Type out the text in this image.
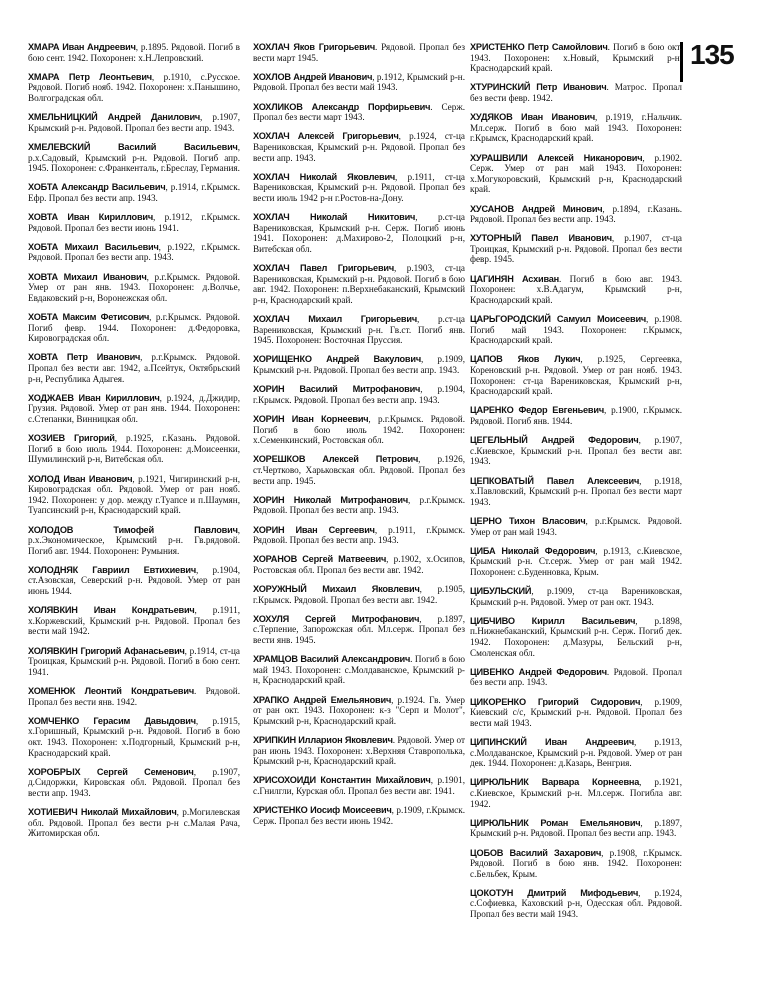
135

ХМАРА Иван Андреевич, р.1895. Рядовой. Погиб в бою сент. 1942. Похоронен: х.Н.Лепровский.

ХМАРА Петр Леонтьевич, р.1910, с.Русское. Рядовой. Погиб нояб. 1942. Похоронен: х.Панышино, Волгоградская обл.

ХМЕЛЬНИЦКИЙ Андрей Данилович, р.1907, Крымский р-н. Рядовой. Пропал без вести апр. 1943.

ХМЕЛЕВСКИЙ Василий Васильевич, р.х.Садовый, Крымский р-н. Рядовой. Погиб апр. 1945. Похоронен: с.Франкенталь, г.Бреслау, Германия.

ХОБТА Александр Васильевич, р.1914, г.Крымск. Ефр. Пропал без вести апр. 1943.

ХОВТА Иван Кириллович, р.1912, г.Крымск. Рядовой. Пропал без вести июнь 1941.

ХОБТА Михаил Васильевич, р.1922, г.Крымск. Рядовой. Пропал без вести апр. 1943.

ХОВТА Михаил Иванович, р.г.Крымск. Рядовой. Умер от ран янв. 1943. Похоронен: д.Волчье, Евдаковский р-н, Воронежская обл.

ХОБТА Максим Фетисович, р.г.Крымск. Рядовой. Погиб февр. 1944. Похоронен: д.Федоровка, Кировоградская обл.

ХОВТА Петр Иванович, р.г.Крымск. Рядовой. Пропал без вести авг. 1942, а.Псейтук, Октябрьский р-н, Республика Адыгея.

ХОДЖАЕВ Иван Кириллович, р.1924, д.Джидир, Грузия. Рядовой. Умер от ран янв. 1944. Похоронен: с.Степанки, Винницкая обл.

ХОЗИЕВ Григорий, р.1925, г.Казань. Рядовой. Погиб в бою июль 1944. Похоронен: д.Моисеенки, Шумилинский р-н, Витебская обл.

ХОЛОД Иван Иванович, р.1921, Чигиринский р-н, Кировоградская обл. Рядовой. Умер от ран нояб. 1942. Похоронен: у дор. между г.Туапсе и п.Шаумян, Туапсинский р-н, Краснодарский край.

ХОЛОДОВ Тимофей Павлович, р.х.Экономическое, Крымский р-н. Гв.рядовой. Погиб авг. 1944. Похоронен: Румыния.

ХОЛОДНЯК Гавриил Евтихиевич, р.1904, ст.Азовская, Северский р-н. Рядовой. Умер от ран июнь 1944.

ХОЛЯВКИН Иван Кондратьевич, р.1911, х.Коржевский, Крымский р-н. Рядовой. Пропал без вести май 1942.

ХОЛЯВКИН Григорий Афанасьевич, р.1914, ст-ца Троицкая, Крымский р-н. Рядовой. Погиб в бою сент. 1941.

ХОМЕНЮК Леонтий Кондратьевич. Рядовой. Пропал без вести янв. 1942.

ХОМЧЕНКО Герасим Давыдович, р.1915, х.Горишный, Крымский р-н. Рядовой. Погиб в бою окт. 1943. Похоронен: х.Подгорный, Крымский р-н, Краснодарский край.

ХОРОБРЫХ Сергей Семенович, р.1907, д.Сидоржки, Кировская обл. Рядовой. Пропал без вести апр. 1943.

ХОТИЕВИЧ Николай Михайлович, р.Могилевская обл. Рядовой. Пропал без вести р-н с.Малая Рача, Житомирская обл.

ХОХЛАЧ Яков Григорьевич. Рядовой. Пропал без вести март 1945.

ХОХЛОВ Андрей Иванович, р.1912, Крымский р-н. Рядовой. Пропал без вести май 1943.

ХОХЛИКОВ Александр Порфирьевич. Серж. Пропал без вести март 1943.

ХОХЛАЧ Алексей Григорьевич, р.1924, ст-ца Варениковская, Крымский р-н. Рядовой. Пропал без вести апр. 1943.

ХОХЛАЧ Николай Яковлевич, р.1911, ст-ца Варениковская, Крымский р-н. Рядовой. Пропал без вести июль 1942 р-н г.Ростов-на-Дону.

ХОХЛАЧ Николай Никитович, р.ст-ца Варениковская, Крымский р-н. Серж. Погиб июнь 1941. Похоронен: д.Махирово-2, Полоцкий р-н, Витебская обл.

ХОХЛАЧ Павел Григорьевич, р.1903, ст-ца Варениковская, Крымский р-н. Рядовой. Погиб в бою авг. 1942. Похоронен: п.Верхнебаканский, Крымский р-н, Краснодарский край.

ХОХЛАЧ Михаил Григорьевич, р.ст-ца Варениковская, Крымский р-н. Гв.ст. Погиб янв. 1945. Похоронен: Восточная Пруссия.

ХОРИЩЕНКО Андрей Вакулович, р.1909, Крымский р-н. Рядовой. Пропал без вести апр. 1943.

ХОРИН Василий Митрофанович, р.1904, г.Крымск. Рядовой. Пропал без вести апр. 1943.

ХОРИН Иван Корнеевич, р.г.Крымск. Рядовой. Погиб в бою июль 1942. Похоронен: х.Семенкинский, Ростовская обл.

ХОРЕШКОВ Алексей Петрович, р.1926, ст.Чертково, Харьковская обл. Рядовой. Пропал без вести апр. 1945.

ХОРИН Николай Митрофанович, р.г.Крымск. Рядовой. Пропал без вести апр. 1943.

ХОРИН Иван Сергеевич, р.1911, г.Крымск. Рядовой. Пропал без вести апр. 1943.

ХОРАНОВ Сергей Матвеевич, р.1902, х.Осипов, Ростовская обл. Пропал без вести авг. 1942.

ХОРУЖНЫЙ Михаил Яковлевич, р.1905, г.Крымск. Рядовой. Пропал без вести авг. 1942.

ХОХУЛЯ Сергей Митрофанович, р.1897, с.Терпение, Запорожская обл. Мл.серж. Пропал без вести янв. 1945.

ХРАМЦОВ Василий Александрович. Погиб в бою май 1943. Похоронен: с.Молдаванское, Крымский р-н, Краснодарский край.

ХРАПКО Андрей Емельянович, р.1924. Гв. Умер от ран окт. 1943. Похоронен: к-з "Серп и Молот", Крымский р-н, Краснодарский край.

ХРИПКИН Илларион Яковлевич. Рядовой. Умер от ран июнь 1943. Похоронен: х.Верхняя Ставрополька, Крымский р-н, Краснодарский край.

ХРИСОХОИДИ Константин Михайлович, р.1901, с.Гнилгли, Курская обл. Пропал без вести авг. 1941.

ХРИСТЕНКО Иосиф Моисеевич, р.1909, г.Крымск. Серж. Пропал без вести июнь 1942.

ХРИСТЕНКО Петр Самойлович. Погиб в бою окт. 1943. Похоронен: х.Новый, Крымский р-н, Краснодарский край.

ХТУРИНСКИЙ Петр Иванович. Матрос. Пропал без вести февр. 1942.

ХУДЯКОВ Иван Иванович, р.1919, г.Нальчик. Мл.серж. Погиб в бою май 1943. Похоронен: г.Крымск, Краснодарский край.

ХУРАШВИЛИ Алексей Никанорович, р.1902. Серж. Умер от ран май 1943. Похоронен: х.Могукоровский, Крымский р-н, Краснодарский край.

ХУСАНОВ Андрей Минович, р.1894, г.Казань. Рядовой. Пропал без вести апр. 1943.

ХУТОРНЫЙ Павел Иванович, р.1907, ст-ца Троицкая, Крымский р-н. Рядовой. Пропал без вести февр. 1945.

ЦАГИНЯН Асхиван. Погиб в бою авг. 1943. Похоронен: х.В.Адагум, Крымский р-н, Краснодарский край.

ЦАРЬГОРОДСКИЙ Самуил Моисеевич, р.1908. Погиб май 1943. Похоронен: г.Крымск, Краснодарский край.

ЦАПОВ Яков Лукич, р.1925, Сергеевка, Кореновский р-н. Рядовой. Умер от ран нояб. 1943. Похоронен: ст-ца Варениковская, Крымский р-н, Краснодарский край.

ЦАРЕНКО Федор Евгеньевич, р.1900, г.Крымск. Рядовой. Погиб янв. 1944.

ЦЕГЕЛЬНЫЙ Андрей Федорович, р.1907, с.Киевское, Крымский р-н. Пропал без вести авг. 1943.

ЦЕПКОВАТЫЙ Павел Алексеевич, р.1918, х.Павловский, Крымский р-н. Пропал без вести март 1943.

ЦЕРНО Тихон Власович, р.г.Крымск. Рядовой. Умер от ран май 1943.

ЦИБА Николай Федорович, р.1913, с.Киевское, Крымский р-н. Ст.серж. Умер от ран май 1942. Похоронен: с.Буденновка, Крым.

ЦИБУЛЬСКИЙ, р.1909, ст-ца Варениковская, Крымский р-н. Рядовой. Умер от ран окт. 1943.

ЦИБЧИВО Кирилл Васильевич, р.1898, п.Нижнебаканский, Крымский р-н. Серж. Погиб дек. 1942. Похоронен: д.Мазуры, Бельский р-н, Смоленская обл.

ЦИВЕНКО Андрей Федорович. Рядовой. Пропал без вести апр. 1943.

ЦИКОРЕНКО Григорий Сидорович, р.1909, Киевский с/с, Крымский р-н. Рядовой. Пропал без вести май 1943.

ЦИПИНСКИЙ Иван Андреевич, р.1913, с.Молдаванское, Крымский р-н. Рядовой. Умер от ран дек. 1944. Похоронен: д.Казарь, Венгрия.

ЦИРЮЛЬНИК Варвара Корнеевна, р.1921, с.Киевское, Крымский р-н. Мл.серж. Погибла авг. 1942.

ЦИРЮЛЬНИК Роман Емельянович, р.1897, Крымский р-н. Рядовой. Пропал без вести апр. 1943.

ЦОБОВ Василий Захарович, р.1908, г.Крымск. Рядовой. Погиб в бою янв. 1942. Похоронен: с.Бельбек, Крым.

ЦОКОТУН Дмитрий Мифодьевич, р.1924, с.Софиевка, Каховский р-н, Одесская обл. Рядовой. Пропал без вести май 1943.
